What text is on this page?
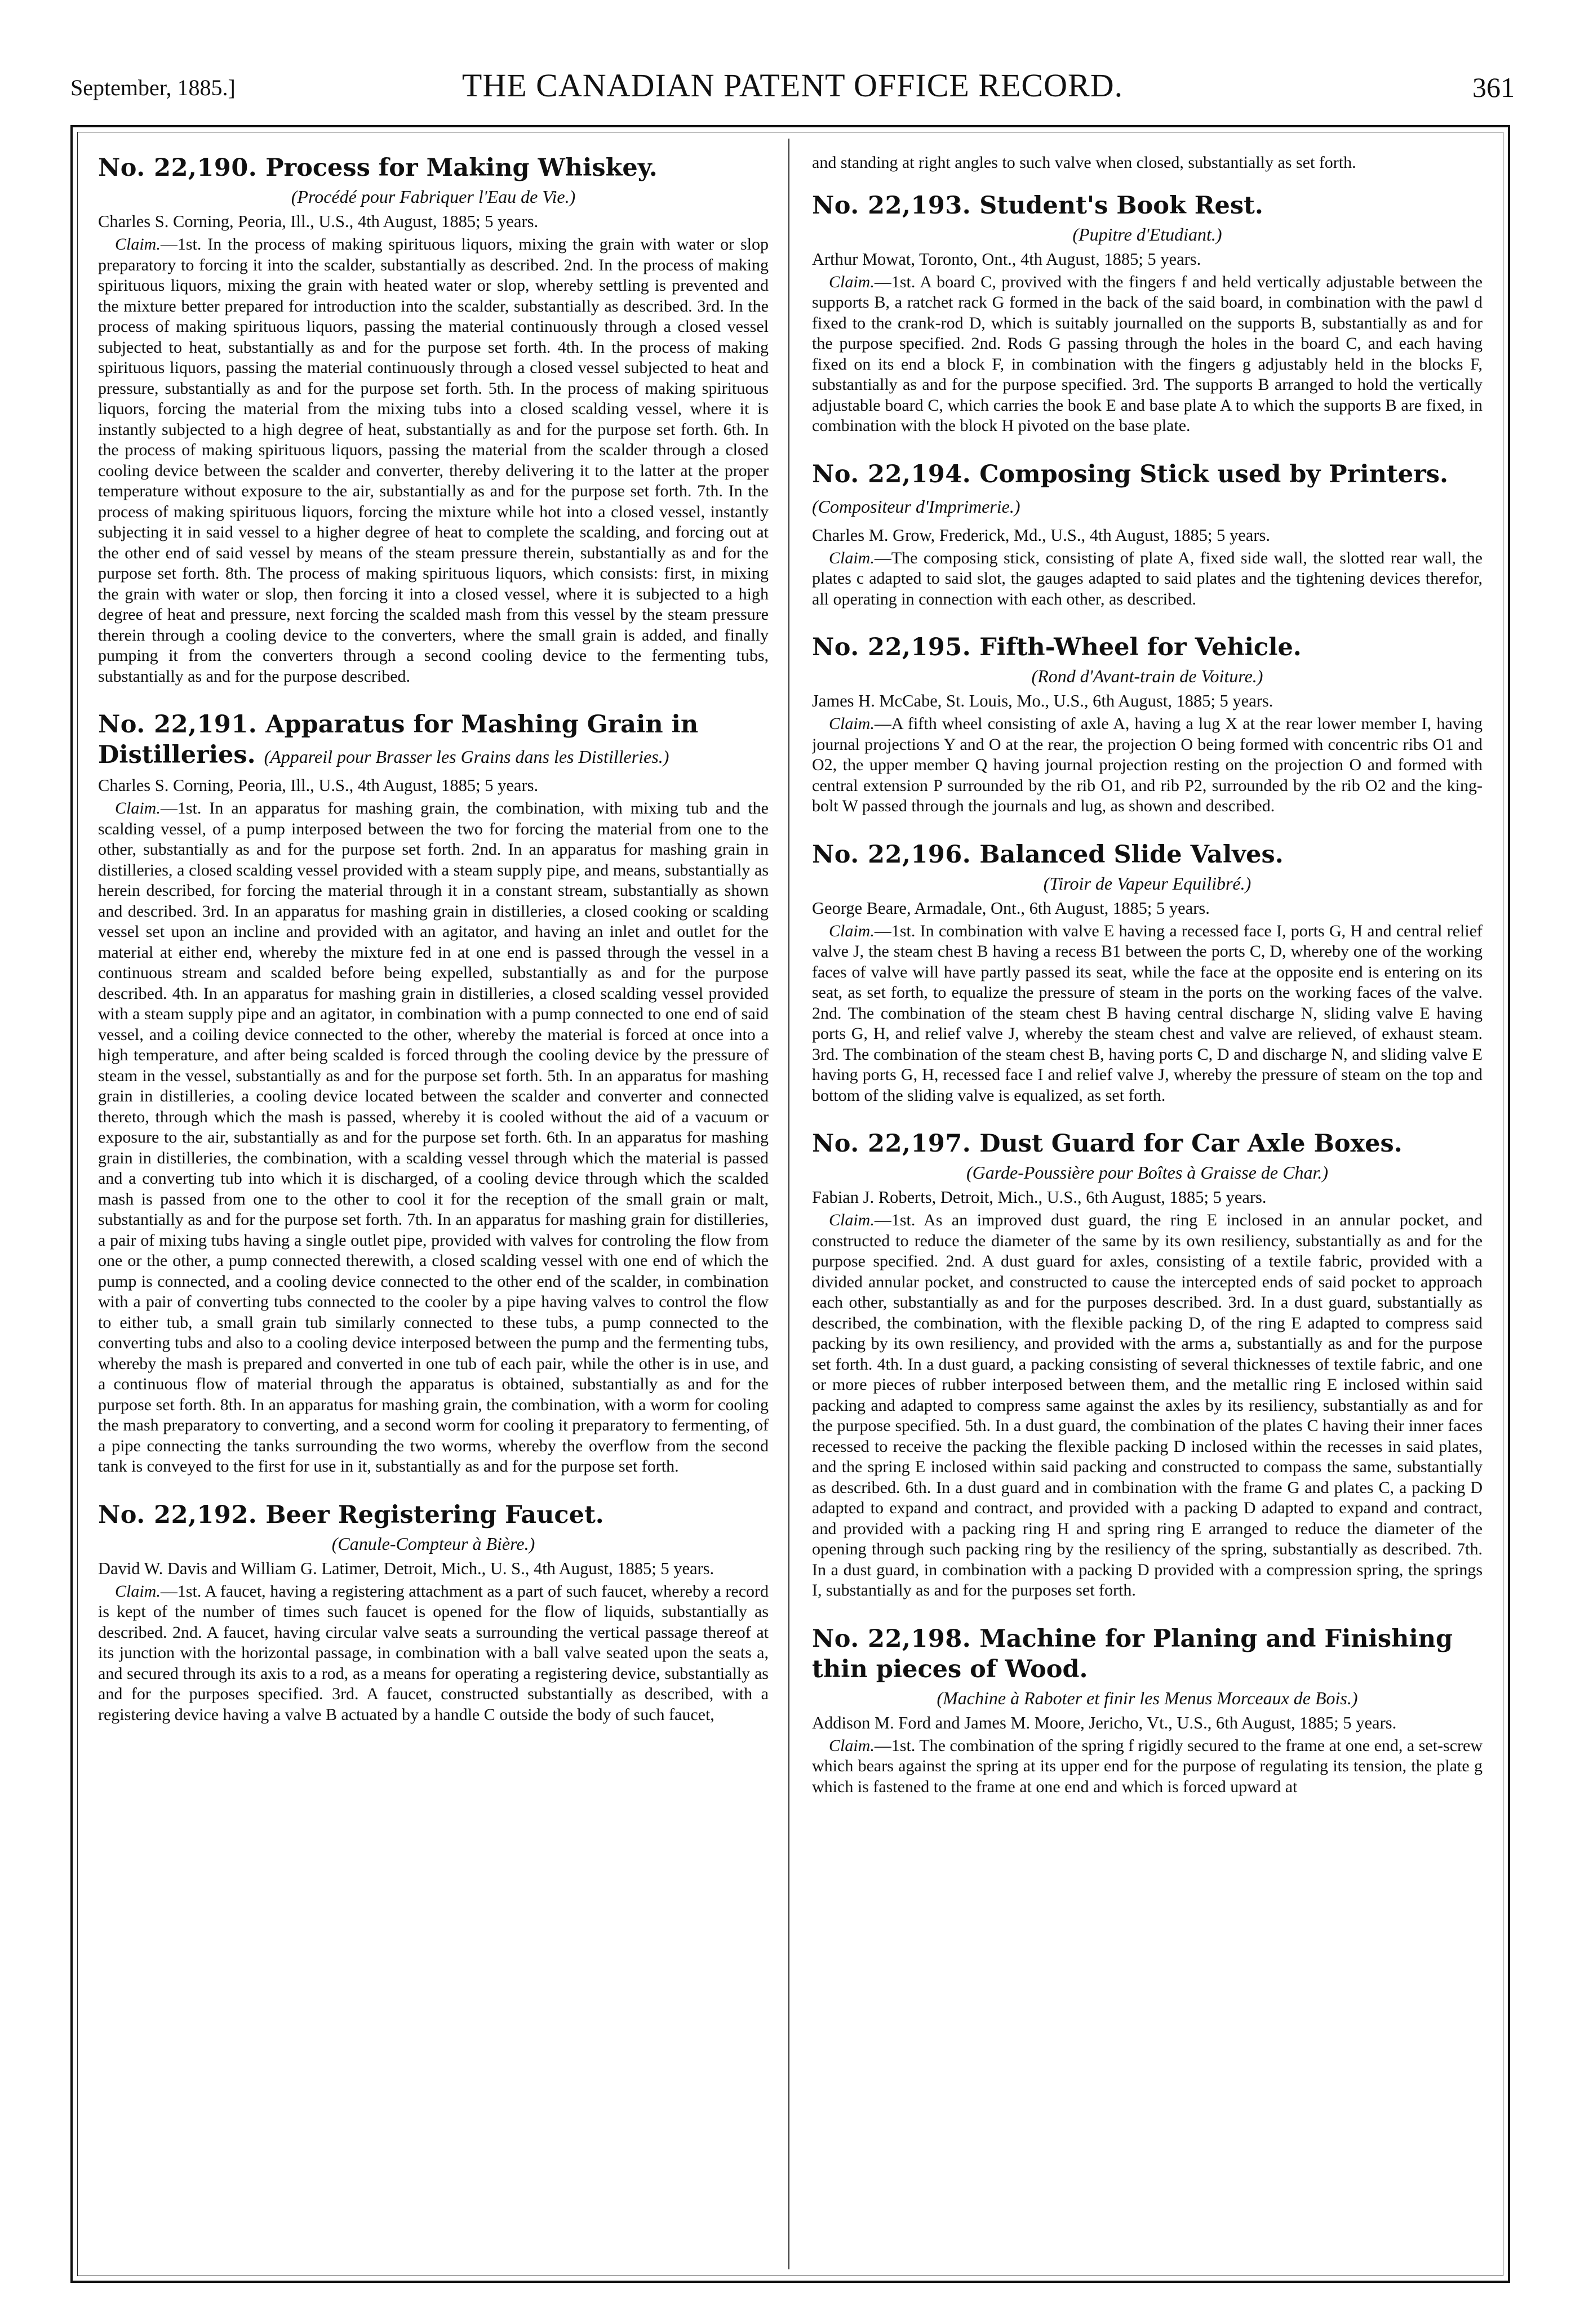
September, 1885.]	THE CANADIAN PATENT OFFICE RECORD.	361
No. 22,190. Process for Making Whiskey.
(Procédé pour Fabriquer l'Eau de Vie.)
Charles S. Corning, Peoria, Ill., U.S., 4th August, 1885; 5 years.

Claim.—1st. In the process of making spirituous liquors, mixing the grain with water or slop preparatory to forcing it into the scalder, substantially as described. 2nd. In the process of making spirituous liquors, mixing the grain with heated water or slop, whereby settling is prevented and the mixture better prepared for introduction into the scalder, substantially as described. 3rd. In the process of making spirituous liquors, passing the material continuously through a closed vessel subjected to heat, substantially as and for the purpose set forth. 4th. In the process of making spirituous liquors, passing the material continuously through a closed vessel subjected to heat and pressure, substantially as and for the purpose set forth. 5th. In the process of making spirituous liquors, forcing the material from the mixing tubs into a closed scalding vessel, where it is instantly subjected to a high degree of heat, substantially as and for the purpose set forth. 6th. In the process of making spirituous liquors, passing the material from the scalder through a closed cooling device between the scalder and converter, thereby delivering it to the latter at the proper temperature without exposure to the air, substantially as and for the purpose set forth. 7th. In the process of making spirituous liquors, forcing the mixture while hot into a closed vessel, instantly subjecting it in said vessel to a higher degree of heat to complete the scalding, and forcing out at the other end of said vessel by means of the steam pressure therein, substantially as and for the purpose set forth. 8th. The process of making spirituous liquors, which consists: first, in mixing the grain with water or slop, then forcing it into a closed vessel, where it is subjected to a high degree of heat and pressure, next forcing the scalded mash from this vessel by the steam pressure therein through a cooling device to the converters, where the small grain is added, and finally pumping it from the converters through a second cooling device to the fermenting tubs, substantially as and for the purpose described.

No. 22,191. Apparatus for Mashing Grain in Distilleries. (Appareil pour Brasser les Grains dans les Distilleries.)
Charles S. Corning, Peoria, Ill., U.S., 4th August, 1885; 5 years.

Claim.—1st. In an apparatus for mashing grain, the combination, with mixing tub and the scalding vessel, of a pump interposed between the two for forcing the material from one to the other, substantially as and for the purpose set forth. 2nd. In an apparatus for mashing grain in distilleries, a closed scalding vessel provided with a steam supply pipe, and means, substantially as herein described, for forcing the material through it in a constant stream, substantially as shown and described. 3rd. In an apparatus for mashing grain in distilleries, a closed cooking or scalding vessel set upon an incline and provided with an agitator, and having an inlet and outlet for the material at either end, whereby the mixture fed in at one end is passed through the vessel in a continuous stream and scalded before being expelled, substantially as and for the purpose described. 4th. In an apparatus for mashing grain in distilleries, a closed scalding vessel provided with a steam supply pipe and an agitator, in combination with a pump connected to one end of said vessel, and a coiling device connected to the other, whereby the material is forced at once into a high temperature, and after being scalded is forced through the cooling device by the pressure of steam in the vessel, substantially as and for the purpose set forth. 5th. In an apparatus for mashing grain in distilleries, a cooling device located between the scalder and converter and connected thereto, through which the mash is passed, whereby it is cooled without the aid of a vacuum or exposure to the air, substantially as and for the purpose set forth. 6th. In an apparatus for mashing grain in distilleries, the combination, with a scalding vessel through which the material is passed and a converting tub into which it is discharged, of a cooling device through which the scalded mash is passed from one to the other to cool it for the reception of the small grain or malt, substantially as and for the purpose set forth. 7th. In an apparatus for mashing grain for distilleries, a pair of mixing tubs having a single outlet pipe, provided with valves for controling the flow from one or the other, a pump connected therewith, a closed scalding vessel with one end of which the pump is connected, and a cooling device connected to the other end of the scalder, in combination with a pair of converting tubs connected to the cooler by a pipe having valves to control the flow to either tub, a small grain tub similarly connected to these tubs, a pump connected to the converting tubs and also to a cooling device interposed between the pump and the fermenting tubs, whereby the mash is prepared and converted in one tub of each pair, while the other is in use, and a continuous flow of material through the apparatus is obtained, substantially as and for the purpose set forth. 8th. In an apparatus for mashing grain, the combination, with a worm for cooling the mash preparatory to converting, and a second worm for cooling it preparatory to fermenting, of a pipe connecting the tanks surrounding the two worms, whereby the overflow from the second tank is conveyed to the first for use in it, substantially as and for the purpose set forth.

No. 22,192. Beer Registering Faucet.
(Canule-Compteur à Bière.)
David W. Davis and William G. Latimer, Detroit, Mich., U. S., 4th August, 1885; 5 years.

Claim.—1st. A faucet, having a registering attachment as a part of such faucet, whereby a record is kept of the number of times such faucet is opened for the flow of liquids, substantially as described. 2nd. A faucet, having circular valve seats a surrounding the vertical passage thereof at its junction with the horizontal passage, in combination with a ball valve seated upon the seats a, and secured through its axis to a rod, as a means for operating a registering device, substantially as and for the purposes specified. 3rd. A faucet, constructed substantially as described, with a registering device having a valve B actuated by a handle C outside the body of such faucet,

and standing at right angles to such valve when closed, substantially as set forth.

No. 22,193. Student's Book Rest.
(Pupitre d'Etudiant.)
Arthur Mowat, Toronto, Ont., 4th August, 1885; 5 years.

Claim.—1st. A board C, provived with the fingers f and held vertically adjustable between the supports B, a ratchet rack G formed in the back of the said board, in combination with the pawl d fixed to the crank-rod D, which is suitably journalled on the supports B, substantially as and for the purpose specified. 2nd. Rods G passing through the holes in the board C, and each having fixed on its end a block F, in combination with the fingers g adjustably held in the blocks F, substantially as and for the purpose specified. 3rd. The supports B arranged to hold the vertically adjustable board C, which carries the book E and base plate A to which the supports B are fixed, in combination with the block H pivoted on the base plate.

No. 22,194. Composing Stick used by Printers. (Compositeur d'Imprimerie.)
Charles M. Grow, Frederick, Md., U.S., 4th August, 1885; 5 years.

Claim.—The composing stick, consisting of plate A, fixed side wall, the slotted rear wall, the plates c adapted to said slot, the gauges adapted to said plates and the tightening devices therefor, all operating in connection with each other, as described.

No. 22,195. Fifth-Wheel for Vehicle.
(Rond d'Avant-train de Voiture.)
James H. McCabe, St. Louis, Mo., U.S., 6th August, 1885; 5 years.

Claim.—A fifth wheel consisting of axle A, having a lug X at the rear lower member I, having journal projections Y and O at the rear, the projection O being formed with concentric ribs O1 and O2, the upper member Q having journal projection resting on the projection O and formed with central extension P surrounded by the rib O1, and rib P2, surrounded by the rib O2 and the king-bolt W passed through the journals and lug, as shown and described.

No. 22,196. Balanced Slide Valves.
(Tiroir de Vapeur Equilibré.)
George Beare, Armadale, Ont., 6th August, 1885; 5 years.

Claim.—1st. In combination with valve E having a recessed face I, ports G, H and central relief valve J, the steam chest B having a recess B1 between the ports C, D, whereby one of the working faces of valve will have partly passed its seat, while the face at the opposite end is entering on its seat, as set forth, to equalize the pressure of steam in the ports on the working faces of the valve. 2nd. The combination of the steam chest B having central discharge N, sliding valve E having ports G, H, and relief valve J, whereby the steam chest and valve are relieved, of exhaust steam. 3rd. The combination of the steam chest B, having ports C, D and discharge N, and sliding valve E having ports G, H, recessed face I and relief valve J, whereby the pressure of steam on the top and bottom of the sliding valve is equalized, as set forth.

No. 22,197. Dust Guard for Car Axle Boxes.
(Garde-Poussière pour Boîtes à Graisse de Char.)
Fabian J. Roberts, Detroit, Mich., U.S., 6th August, 1885; 5 years.

Claim.—1st. As an improved dust guard, the ring E inclosed in an annular pocket, and constructed to reduce the diameter of the same by its own resiliency, substantially as and for the purpose specified. 2nd. A dust guard for axles, consisting of a textile fabric, provided with a divided annular pocket, and constructed to cause the intercepted ends of said pocket to approach each other, substantially as and for the purposes described. 3rd. In a dust guard, substantially as described, the combination, with the flexible packing D, of the ring E adapted to compress said packing by its own resiliency, and provided with the arms a, substantially as and for the purpose set forth. 4th. In a dust guard, a packing consisting of several thicknesses of textile fabric, and one or more pieces of rubber interposed between them, and the metallic ring E inclosed within said packing and adapted to compress same against the axles by its resiliency, substantially as and for the purpose specified. 5th. In a dust guard, the combination of the plates C having their inner faces recessed to receive the packing the flexible packing D inclosed within the recesses in said plates, and the spring E inclosed within said packing and constructed to compass the same, substantially as described. 6th. In a dust guard and in combination with the frame G and plates C, a packing D adapted to expand and contract, and provided with a packing D adapted to expand and contract, and provided with a packing ring H and spring ring E arranged to reduce the diameter of the opening through such packing ring by the resiliency of the spring, substantially as described. 7th. In a dust guard, in combination with a packing D provided with a compression spring, the springs I, substantially as and for the purposes set forth.

No. 22,198. Machine for Planing and Finishing thin pieces of Wood.
(Machine à Raboter et finir les Menus Morceaux de Bois.)
Addison M. Ford and James M. Moore, Jericho, Vt., U.S., 6th August, 1885; 5 years.

Claim.—1st. The combination of the spring f rigidly secured to the frame at one end, a set-screw which bears against the spring at its upper end for the purpose of regulating its tension, the plate g which is fastened to the frame at one end and which is forced upward at
